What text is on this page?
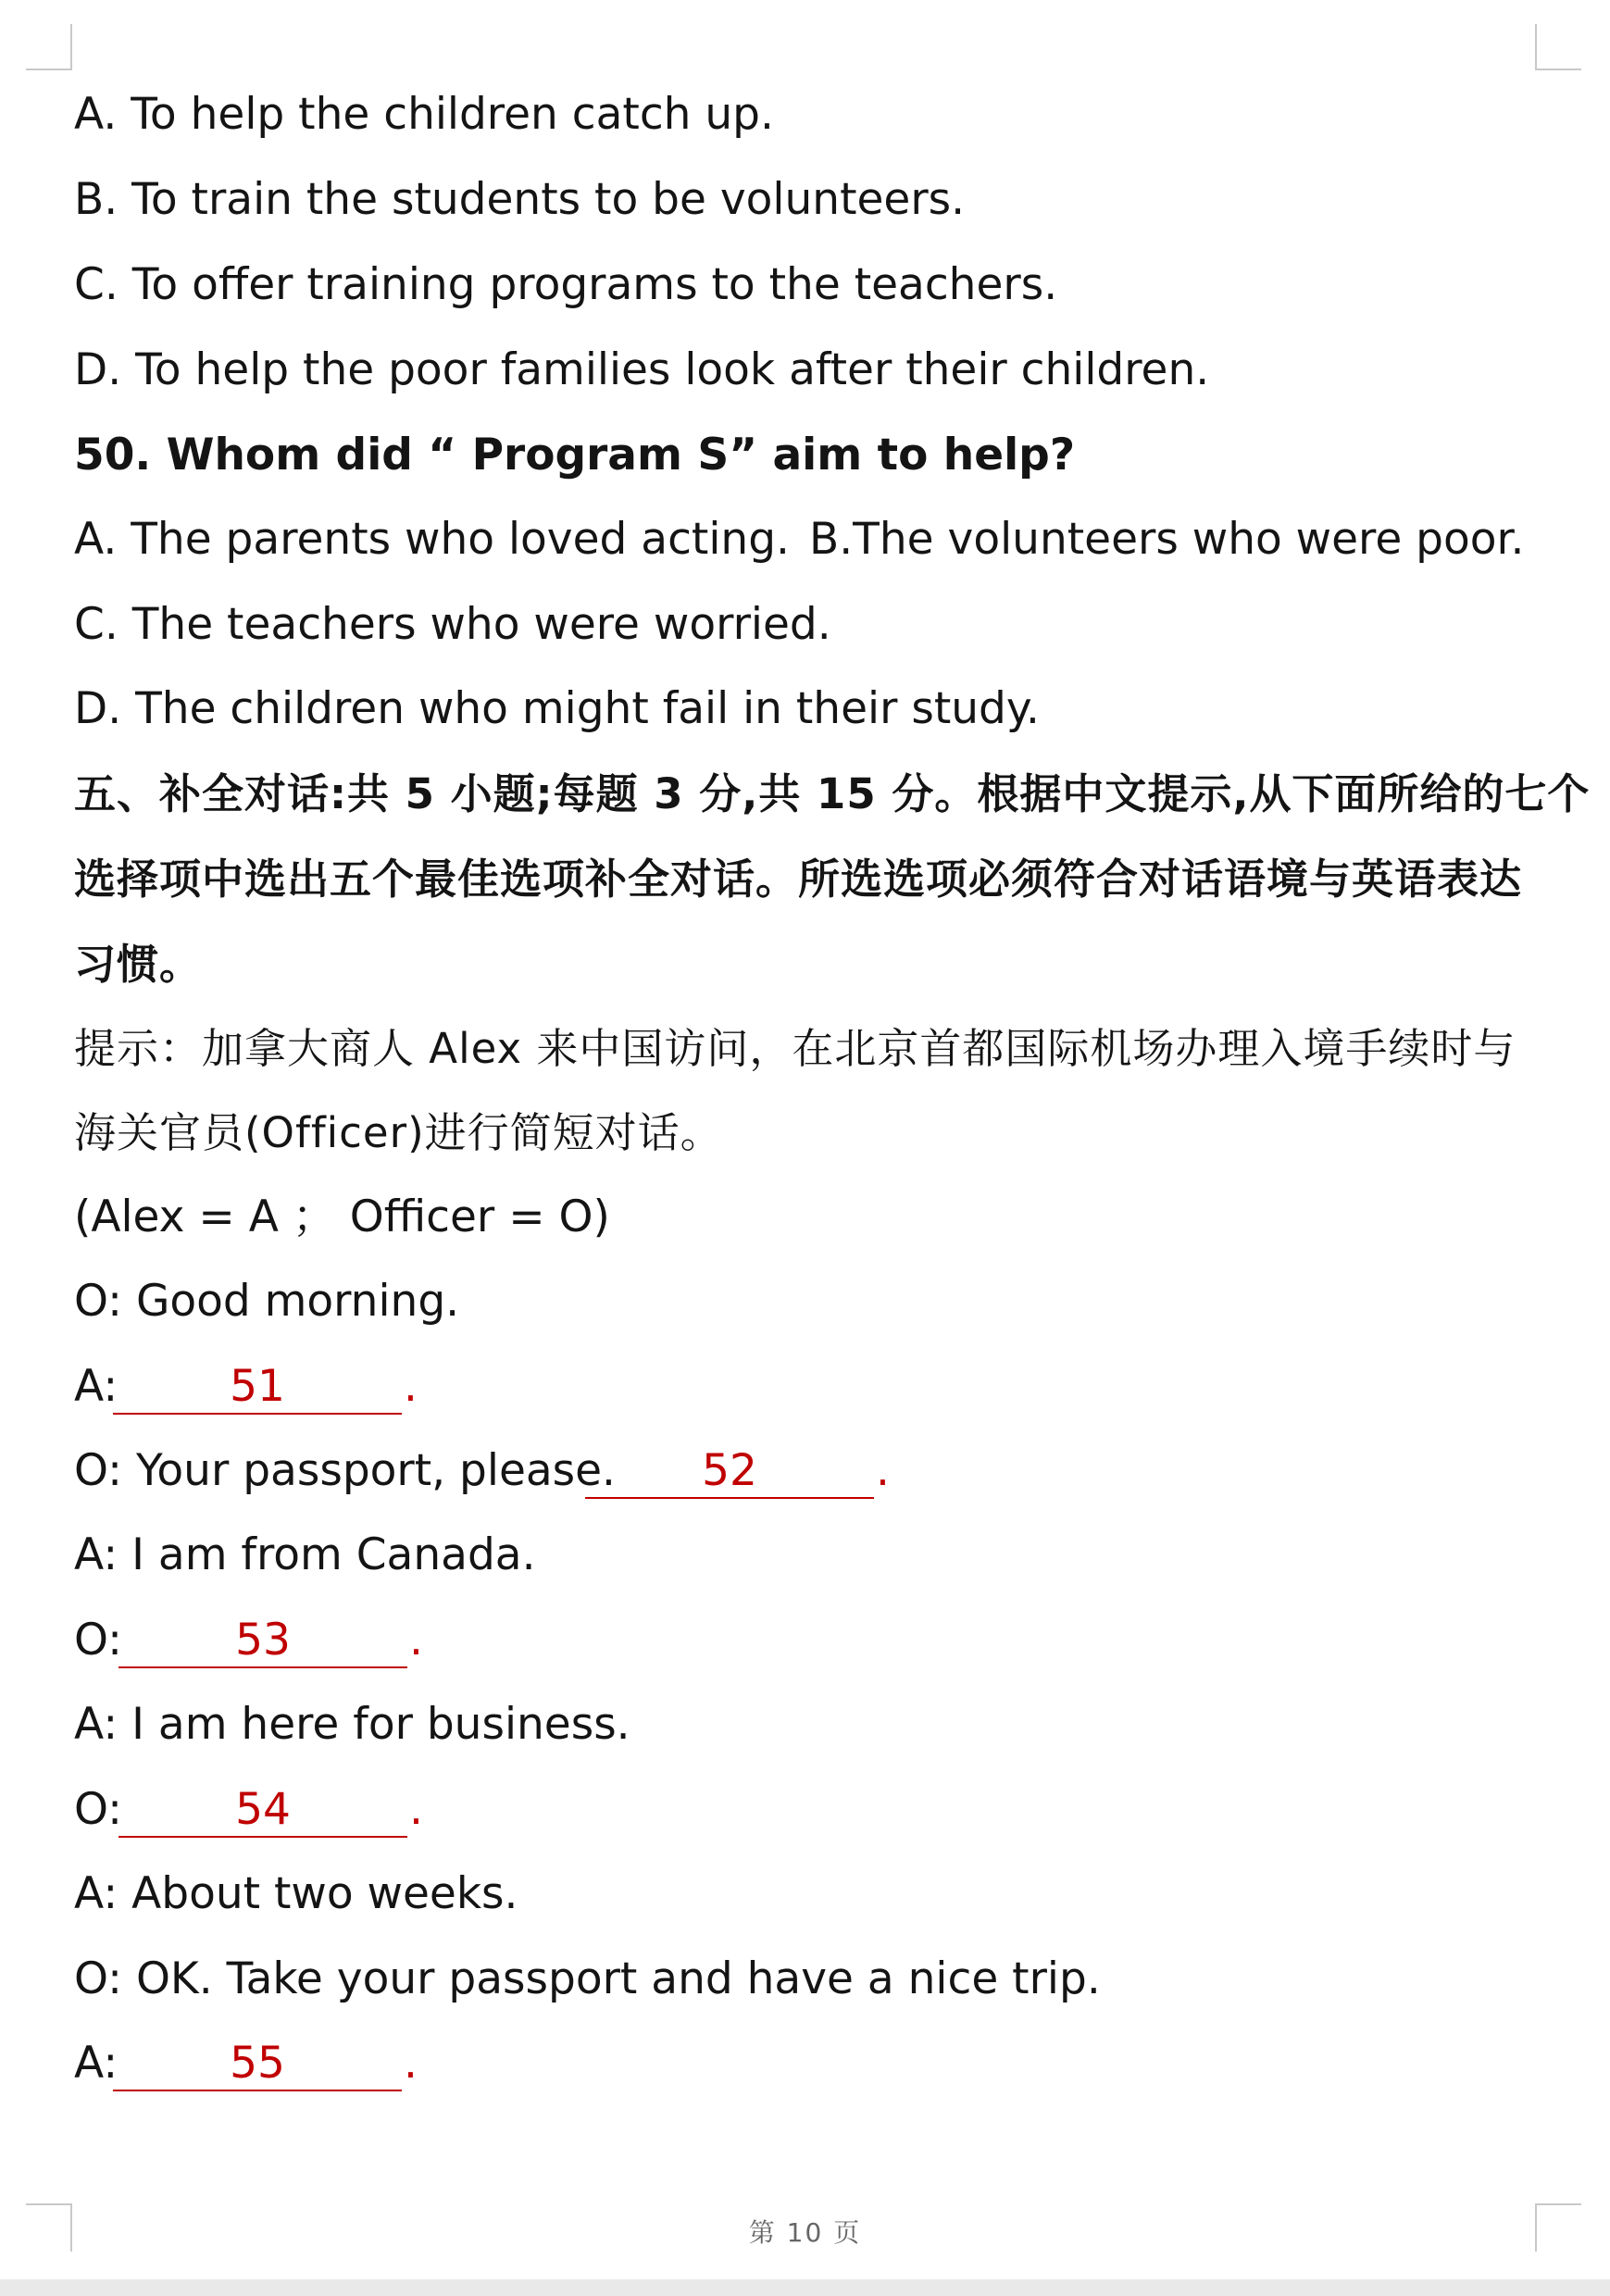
A. To help the children catch up.
B. To train the students to be volunteers.
C. To offer training programs to the teachers.
D. To help the poor families look after their children.
50. Whom did “ Program S” aim to help?
A. The parents who loved acting. B.The volunteers who were poor.
C. The teachers who were worried.
D. The children who might fail in their study.
五、补全对话:共 5 小题;每题 3 分,共 15 分。根据中文提示,从下面所给的七个
选择项中选出五个最佳选项补全对话。所选选项必须符合对话语境与英语表达
习惯。
提示：加拿大商人 Alex 来中国访问，在北京首都国际机场办理入境手续时与
海关官员(Officer)进行简短对话。
(Alex = A ； Officer = O)
O: Good morning.
A:	51	.
O: Your passport, please.	52	.
A: I am from Canada.
O:	53	.
A: I am here for business.
O:	54	.
A: About two weeks.
O: OK. Take your passport and have a nice trip.
A:	55	.
第 10 页
